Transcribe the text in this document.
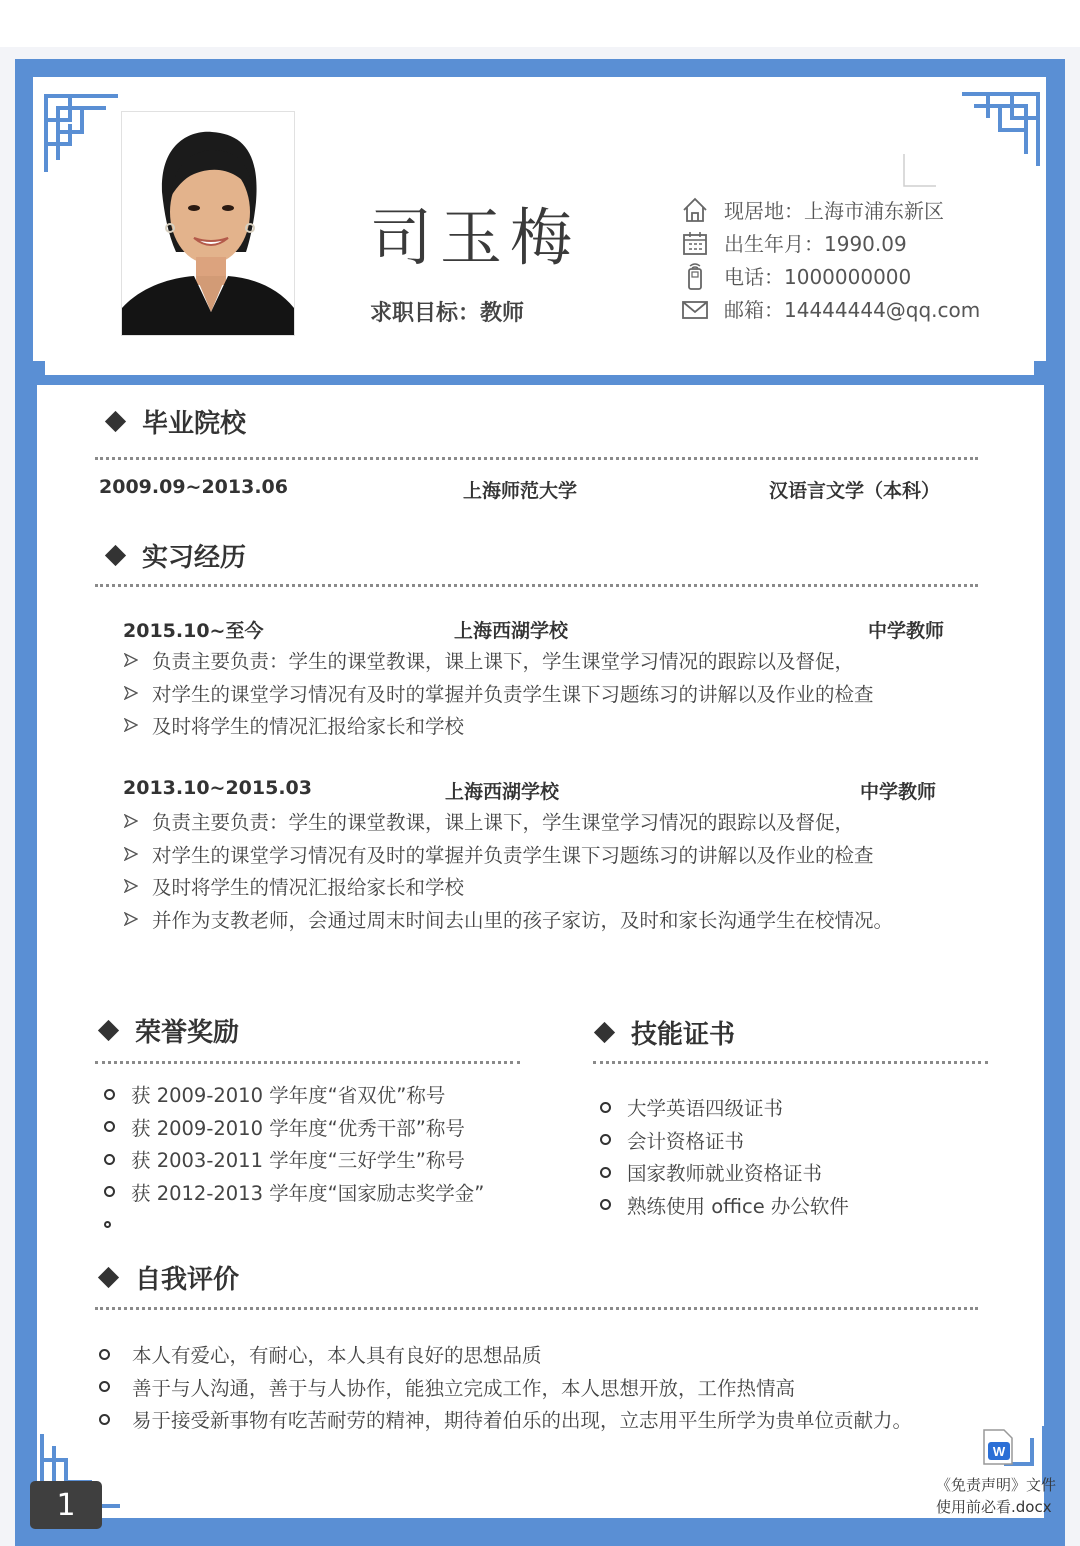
司玉梅
求职目标：教师
现居地：上海市浦东新区
出生年月：1990.09
电话：1000000000
邮箱：14444444@qq.com
毕业院校
2009.09~2013.06	上海师范大学	汉语言文学（本科）
实习经历
2015.10~至今	上海西湖学校	中学教师
负责主要负责：学生的课堂教课，课上课下，学生课堂学习情况的跟踪以及督促，
对学生的课堂学习情况有及时的掌握并负责学生课下习题练习的讲解以及作业的检查
及时将学生的情况汇报给家长和学校
2013.10~2015.03	上海西湖学校	中学教师
负责主要负责：学生的课堂教课，课上课下，学生课堂学习情况的跟踪以及督促，
对学生的课堂学习情况有及时的掌握并负责学生课下习题练习的讲解以及作业的检查
及时将学生的情况汇报给家长和学校
并作为支教老师，会通过周末时间去山里的孩子家访，及时和家长沟通学生在校情况。
荣誉奖励
获 2009-2010 学年度“省双优”称号
获 2009-2010 学年度“优秀干部”称号
获 2003-2011 学年度“三好学生”称号
获 2012-2013 学年度“国家励志奖学金”
技能证书
大学英语四级证书
会计资格证书
国家教师就业资格证书
熟练使用 office 办公软件
自我评价
本人有爱心，有耐心，本人具有良好的思想品质
善于与人沟通，善于与人协作，能独立完成工作，本人思想开放，工作热情高
易于接受新事物有吃苦耐劳的精神，期待着伯乐的出现，立志用平生所学为贵单位贡献力。
1
W
《免责声明》文件
使用前必看.docx
